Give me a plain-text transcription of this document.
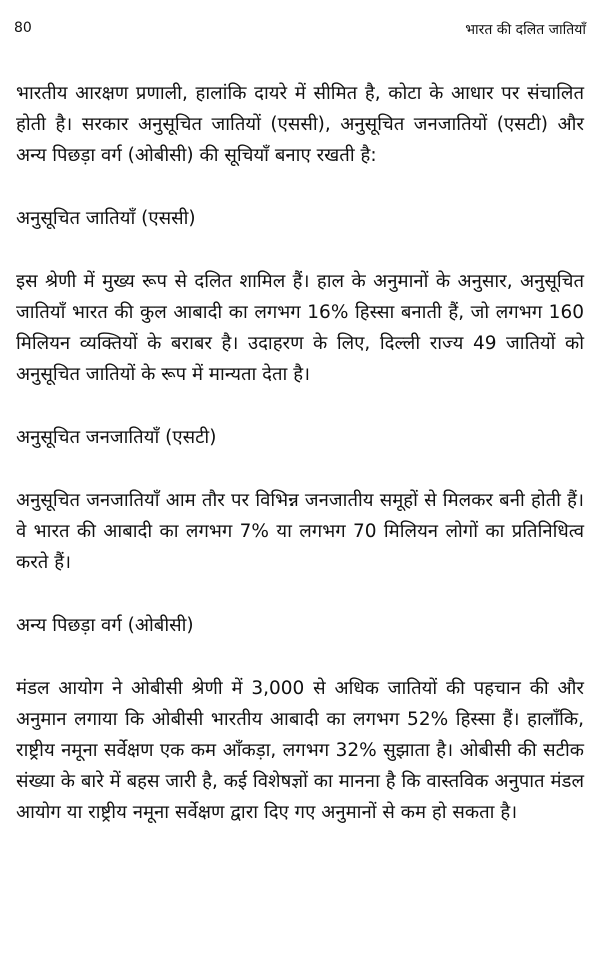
80	भारत की दलित जातियाँ

भारतीय आरक्षण प्रणाली, हालांकि दायरे में सीमित है, कोटा के आधार पर संचालित होती है। सरकार अनुसूचित जातियों (एससी), अनुसूचित जनजातियों (एसटी) और अन्य पिछड़ा वर्ग (ओबीसी) की सूचियाँ बनाए रखती है:

अनुसूचित जातियाँ (एससी)

इस श्रेणी में मुख्य रूप से दलित शामिल हैं। हाल के अनुमानों के अनुसार, अनुसूचित जातियाँ भारत की कुल आबादी का लगभग 16% हिस्सा बनाती हैं, जो लगभग 160 मिलियन व्यक्तियों के बराबर है। उदाहरण के लिए, दिल्ली राज्य 49 जातियों को अनुसूचित जातियों के रूप में मान्यता देता है।

अनुसूचित जनजातियाँ (एसटी)

अनुसूचित जनजातियाँ आम तौर पर विभिन्न जनजातीय समूहों से मिलकर बनी होती हैं। वे भारत की आबादी का लगभग 7% या लगभग 70 मिलियन लोगों का प्रतिनिधित्व करते हैं।

अन्य पिछड़ा वर्ग (ओबीसी)

मंडल आयोग ने ओबीसी श्रेणी में 3,000 से अधिक जातियों की पहचान की और अनुमान लगाया कि ओबीसी भारतीय आबादी का लगभग 52% हिस्सा हैं। हालाँकि, राष्ट्रीय नमूना सर्वेक्षण एक कम आँकड़ा, लगभग 32% सुझाता है। ओबीसी की सटीक संख्या के बारे में बहस जारी है, कई विशेषज्ञों का मानना है कि वास्तविक अनुपात मंडल आयोग या राष्ट्रीय नमूना सर्वेक्षण द्वारा दिए गए अनुमानों से कम हो सकता है।
